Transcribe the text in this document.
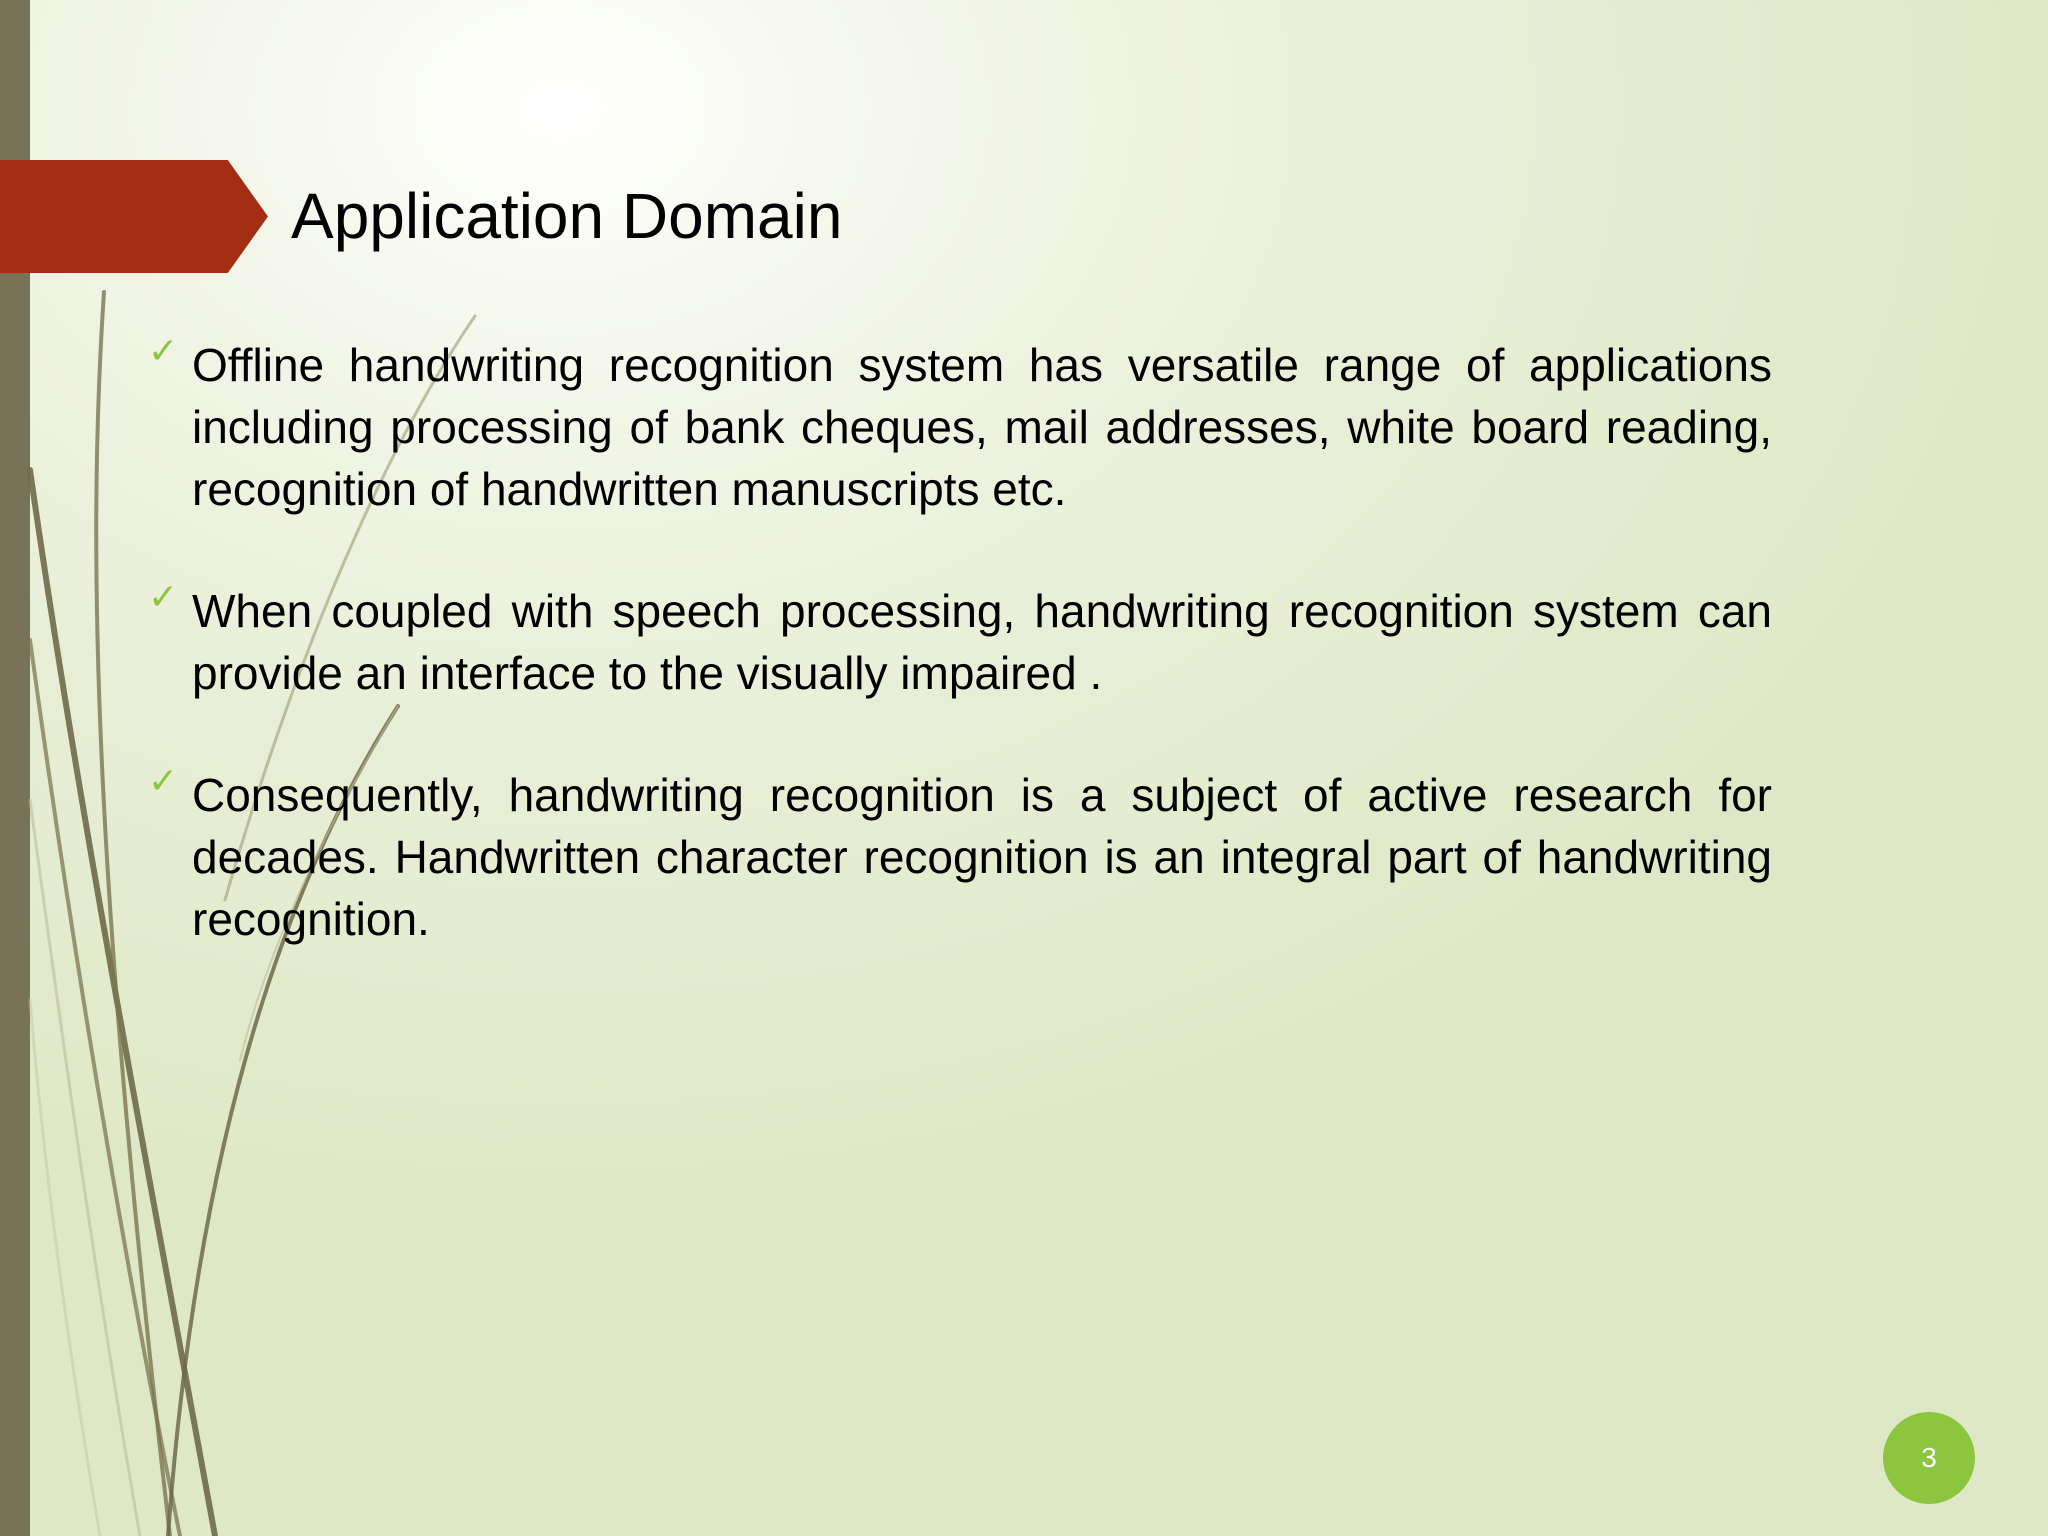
Application Domain
✓ Offline handwriting recognition system has versatile range of applications including processing of bank cheques, mail addresses, white board reading, recognition of handwritten manuscripts etc.
✓ When coupled with speech processing, handwriting recognition system can provide an interface to the visually impaired .
✓ Consequently, handwriting recognition is a subject of active research for decades. Handwritten character recognition is an integral part of handwriting recognition.
3
